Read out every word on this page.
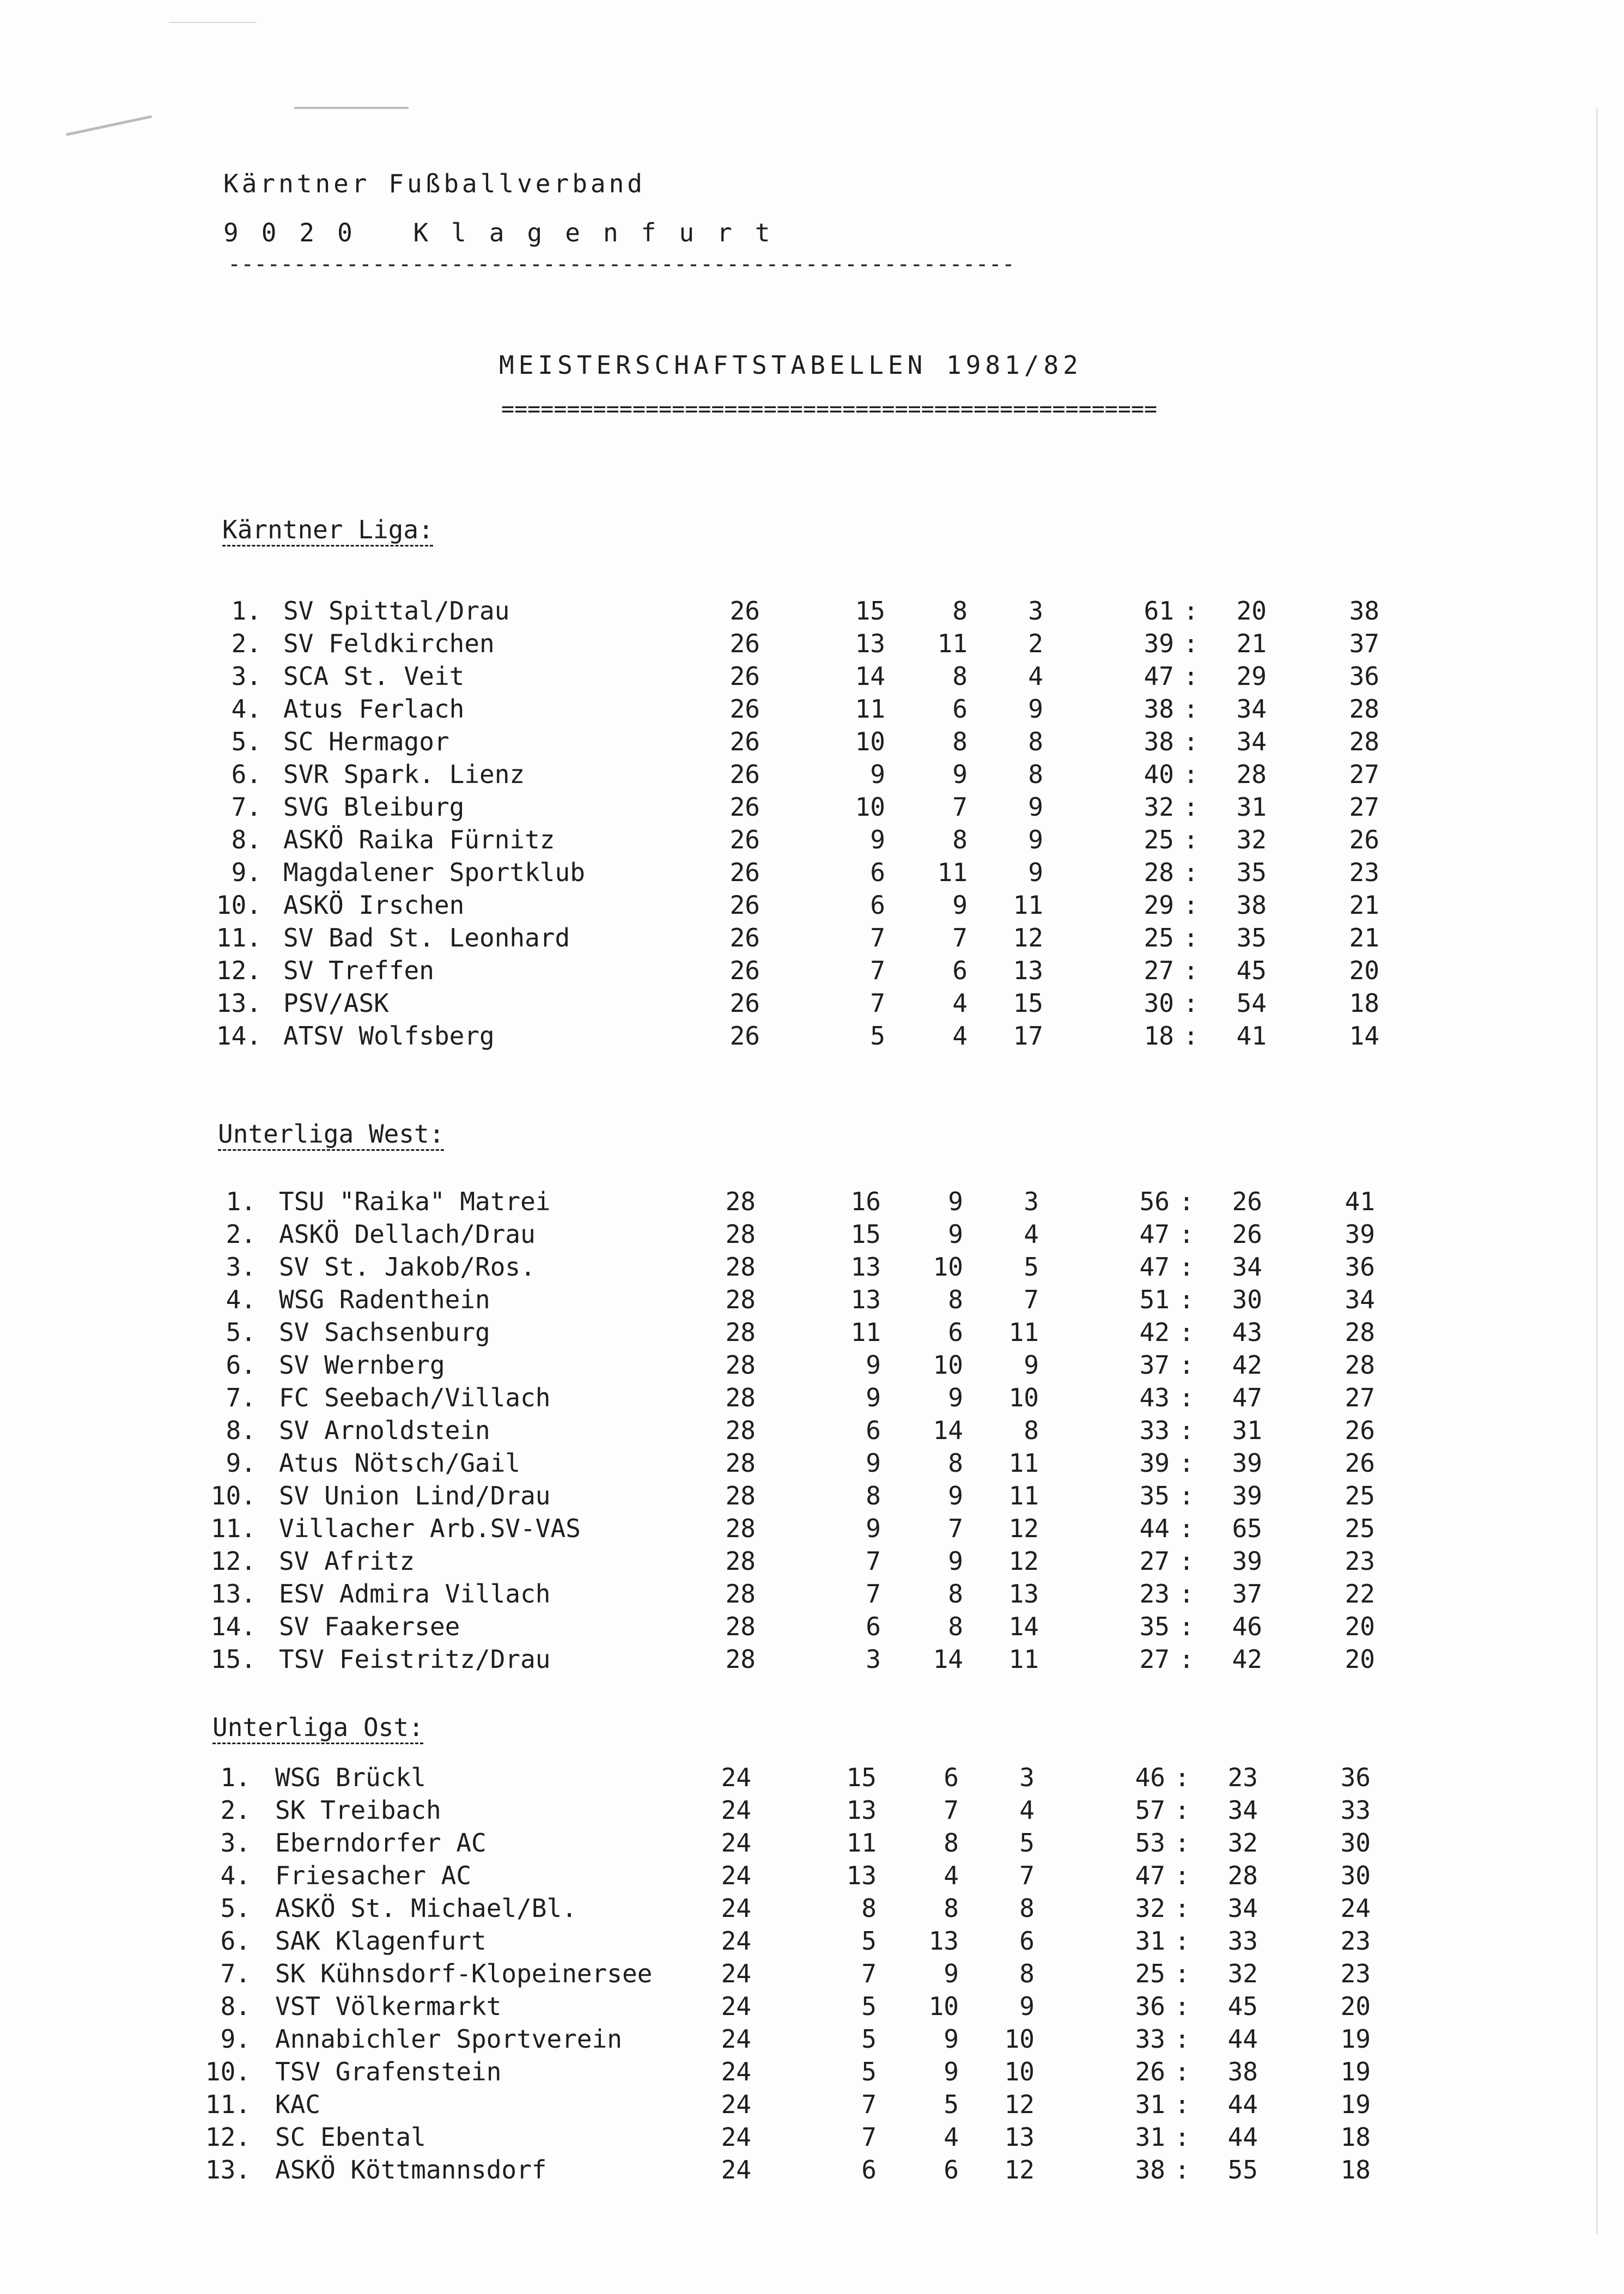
Kärntner Fußballverband
9020 Klagenfurt
------------------------------------------------------------
MEISTERSCHAFTSTABELLEN 1981/82
==================================================
Kärntner Liga:
1. SV Spittal/Drau	26	15	8	3	61 :	20	38
2. SV Feldkirchen	26	13	11	2	39 :	21	37
3. SCA St. Veit	26	14	8	4	47 :	29	36
4. Atus Ferlach	26	11	6	9	38 :	34	28
5. SC Hermagor	26	10	8	8	38 :	34	28
6. SVR Spark. Lienz	26	9	9	8	40 :	28	27
7. SVG Bleiburg	26	10	7	9	32 :	31	27
8. ASKÖ Raika Fürnitz	26	9	8	9	25 :	32	26
9. Magdalener Sportklub	26	6	11	9	28 :	35	23
10. ASKÖ Irschen	26	6	9	11	29 :	38	21
11. SV Bad St. Leonhard	26	7	7	12	25 :	35	21
12. SV Treffen	26	7	6	13	27 :	45	20
13. PSV/ASK	26	7	4	15	30 :	54	18
14. ATSV Wolfsberg	26	5	4	17	18 :	41	14
Unterliga West:
1. TSU "Raika" Matrei	28	16	9	3	56 :	26	41
2. ASKÖ Dellach/Drau	28	15	9	4	47 :	26	39
3. SV St. Jakob/Ros.	28	13	10	5	47 :	34	36
4. WSG Radenthein	28	13	8	7	51 :	30	34
5. SV Sachsenburg	28	11	6	11	42 :	43	28
6. SV Wernberg	28	9	10	9	37 :	42	28
7. FC Seebach/Villach	28	9	9	10	43 :	47	27
8. SV Arnoldstein	28	6	14	8	33 :	31	26
9. Atus Nötsch/Gail	28	9	8	11	39 :	39	26
10. SV Union Lind/Drau	28	8	9	11	35 :	39	25
11. Villacher Arb.SV-VAS	28	9	7	12	44 :	65	25
12. SV Afritz	28	7	9	12	27 :	39	23
13. ESV Admira Villach	28	7	8	13	23 :	37	22
14. SV Faakersee	28	6	8	14	35 :	46	20
15. TSV Feistritz/Drau	28	3	14	11	27 :	42	20
Unterliga Ost:
1. WSG Brückl	24	15	6	3	46 :	23	36
2. SK Treibach	24	13	7	4	57 :	34	33
3. Eberndorfer AC	24	11	8	5	53 :	32	30
4. Friesacher AC	24	13	4	7	47 :	28	30
5. ASKÖ St. Michael/Bl.	24	8	8	8	32 :	34	24
6. SAK Klagenfurt	24	5	13	6	31 :	33	23
7. SK Kühnsdorf-Klopeinersee	24	7	9	8	25 :	32	23
8. VST Völkermarkt	24	5	10	9	36 :	45	20
9. Annabichler Sportverein	24	5	9	10	33 :	44	19
10. TSV Grafenstein	24	5	9	10	26 :	38	19
11. KAC	24	7	5	12	31 :	44	19
12. SC Ebental	24	7	4	13	31 :	44	18
13. ASKÖ Köttmannsdorf	24	6	6	12	38 :	55	18
